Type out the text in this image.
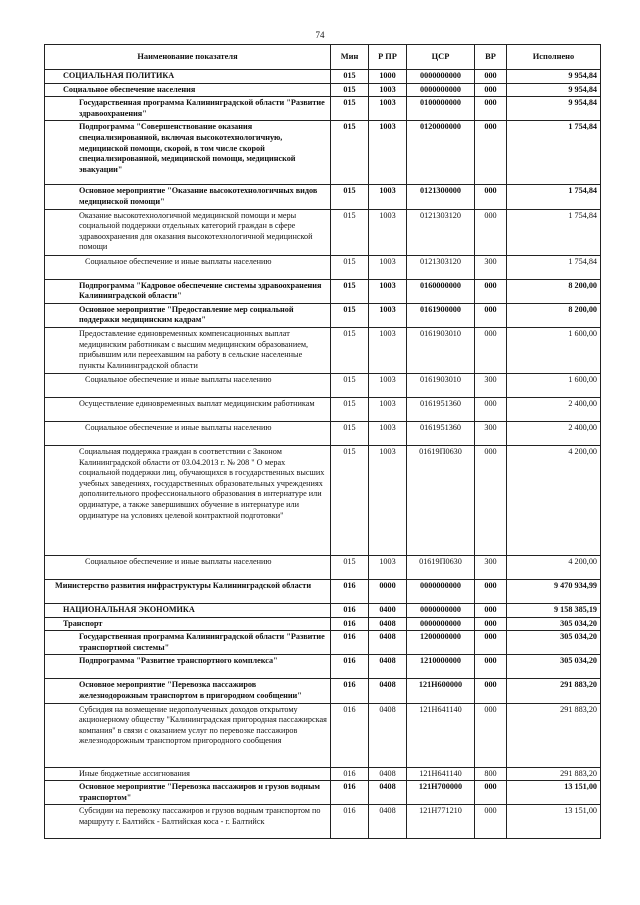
74
Наименование показателя	Мин	Р ПР	ЦСР	ВР	Исполнено
СОЦИАЛЬНАЯ ПОЛИТИКА	015	1000	0000000000	000	9 954,84
Социальное обеспечение населения	015	1003	0000000000	000	9 954,84
Государственная программа Калининградской области "Развитие здравоохранения"	015	1003	0100000000	000	9 954,84
Подпрограмма "Совершенствование оказания специализированной, включая высокотехнологичную, медицинской помощи, скорой, в том числе скорой специализированной, медицинской помощи, медицинской эвакуации"	015	1003	0120000000	000	1 754,84
Основное мероприятие "Оказание высокотехнологичных видов медицинской помощи"	015	1003	0121300000	000	1 754,84
Оказание высокотехнологичной медицинской помощи и меры социальной поддержки отдельных категорий граждан в сфере здравоохранения для оказания высокотехнологичной медицинской помощи	015	1003	0121303120	000	1 754,84
Социальное обеспечение и иные выплаты населению	015	1003	0121303120	300	1 754,84
Подпрограмма "Кадровое обеспечение системы здравоохранения Калининградской области"	015	1003	0160000000	000	8 200,00
Основное мероприятие "Предоставление мер социальной поддержки медицинским кадрам"	015	1003	0161900000	000	8 200,00
Предоставление единовременных компенсационных выплат медицинским работникам с высшим медицинским образованием, прибывшим или переехавшим на работу в сельские населенные пункты Калининградской области	015	1003	0161903010	000	1 600,00
Социальное обеспечение и иные выплаты населению	015	1003	0161903010	300	1 600,00
Осуществление единовременных выплат медицинским работникам	015	1003	0161951360	000	2 400,00
Социальное обеспечение и иные выплаты населению	015	1003	0161951360	300	2 400,00
Социальная поддержка граждан в соответствии с Законом Калининградской области от 03.04.2013 г. № 208 " О мерах социальной поддержки лиц, обучающихся в государственных высших учебных заведениях, государственных образовательных учреждениях дополнительного профессионального образования в интернатуре или ординатуре, а также завершивших обучение в интернатуре или ординатуре на условиях целевой контрактной подготовки"	015	1003	01619П0630	000	4 200,00
Социальное обеспечение и иные выплаты населению	015	1003	01619П0630	300	4 200,00
Министерство развития инфраструктуры Калининградской области	016	0000	0000000000	000	9 470 934,99
НАЦИОНАЛЬНАЯ ЭКОНОМИКА	016	0400	0000000000	000	9 158 385,19
Транспорт	016	0408	0000000000	000	305 034,20
Государственная программа Калининградской области "Развитие транспортной системы"	016	0408	1200000000	000	305 034,20
Подпрограмма "Развитие транспортного комплекса"	016	0408	1210000000	000	305 034,20
Основное мероприятие "Перевозка пассажиров железнодорожным транспортом в пригородном сообщении"	016	0408	121Н600000	000	291 883,20
Субсидия на возмещение недополученных доходов открытому акционерному обществу "Калининградская пригородная пассажирская компания" в связи с оказанием услуг по перевозке пассажиров железнодорожным транспортом пригородного сообщения	016	0408	121Н641140	000	291 883,20
Иные бюджетные ассигнования	016	0408	121Н641140	800	291 883,20
Основное мероприятие "Перевозка пассажиров и грузов водным транспортом"	016	0408	121Н700000	000	13 151,00
Субсидии на перевозку пассажиров и грузов водным транспортом по маршруту г. Балтийск - Балтийская коса - г. Балтийск	016	0408	121Н771210	000	13 151,00
